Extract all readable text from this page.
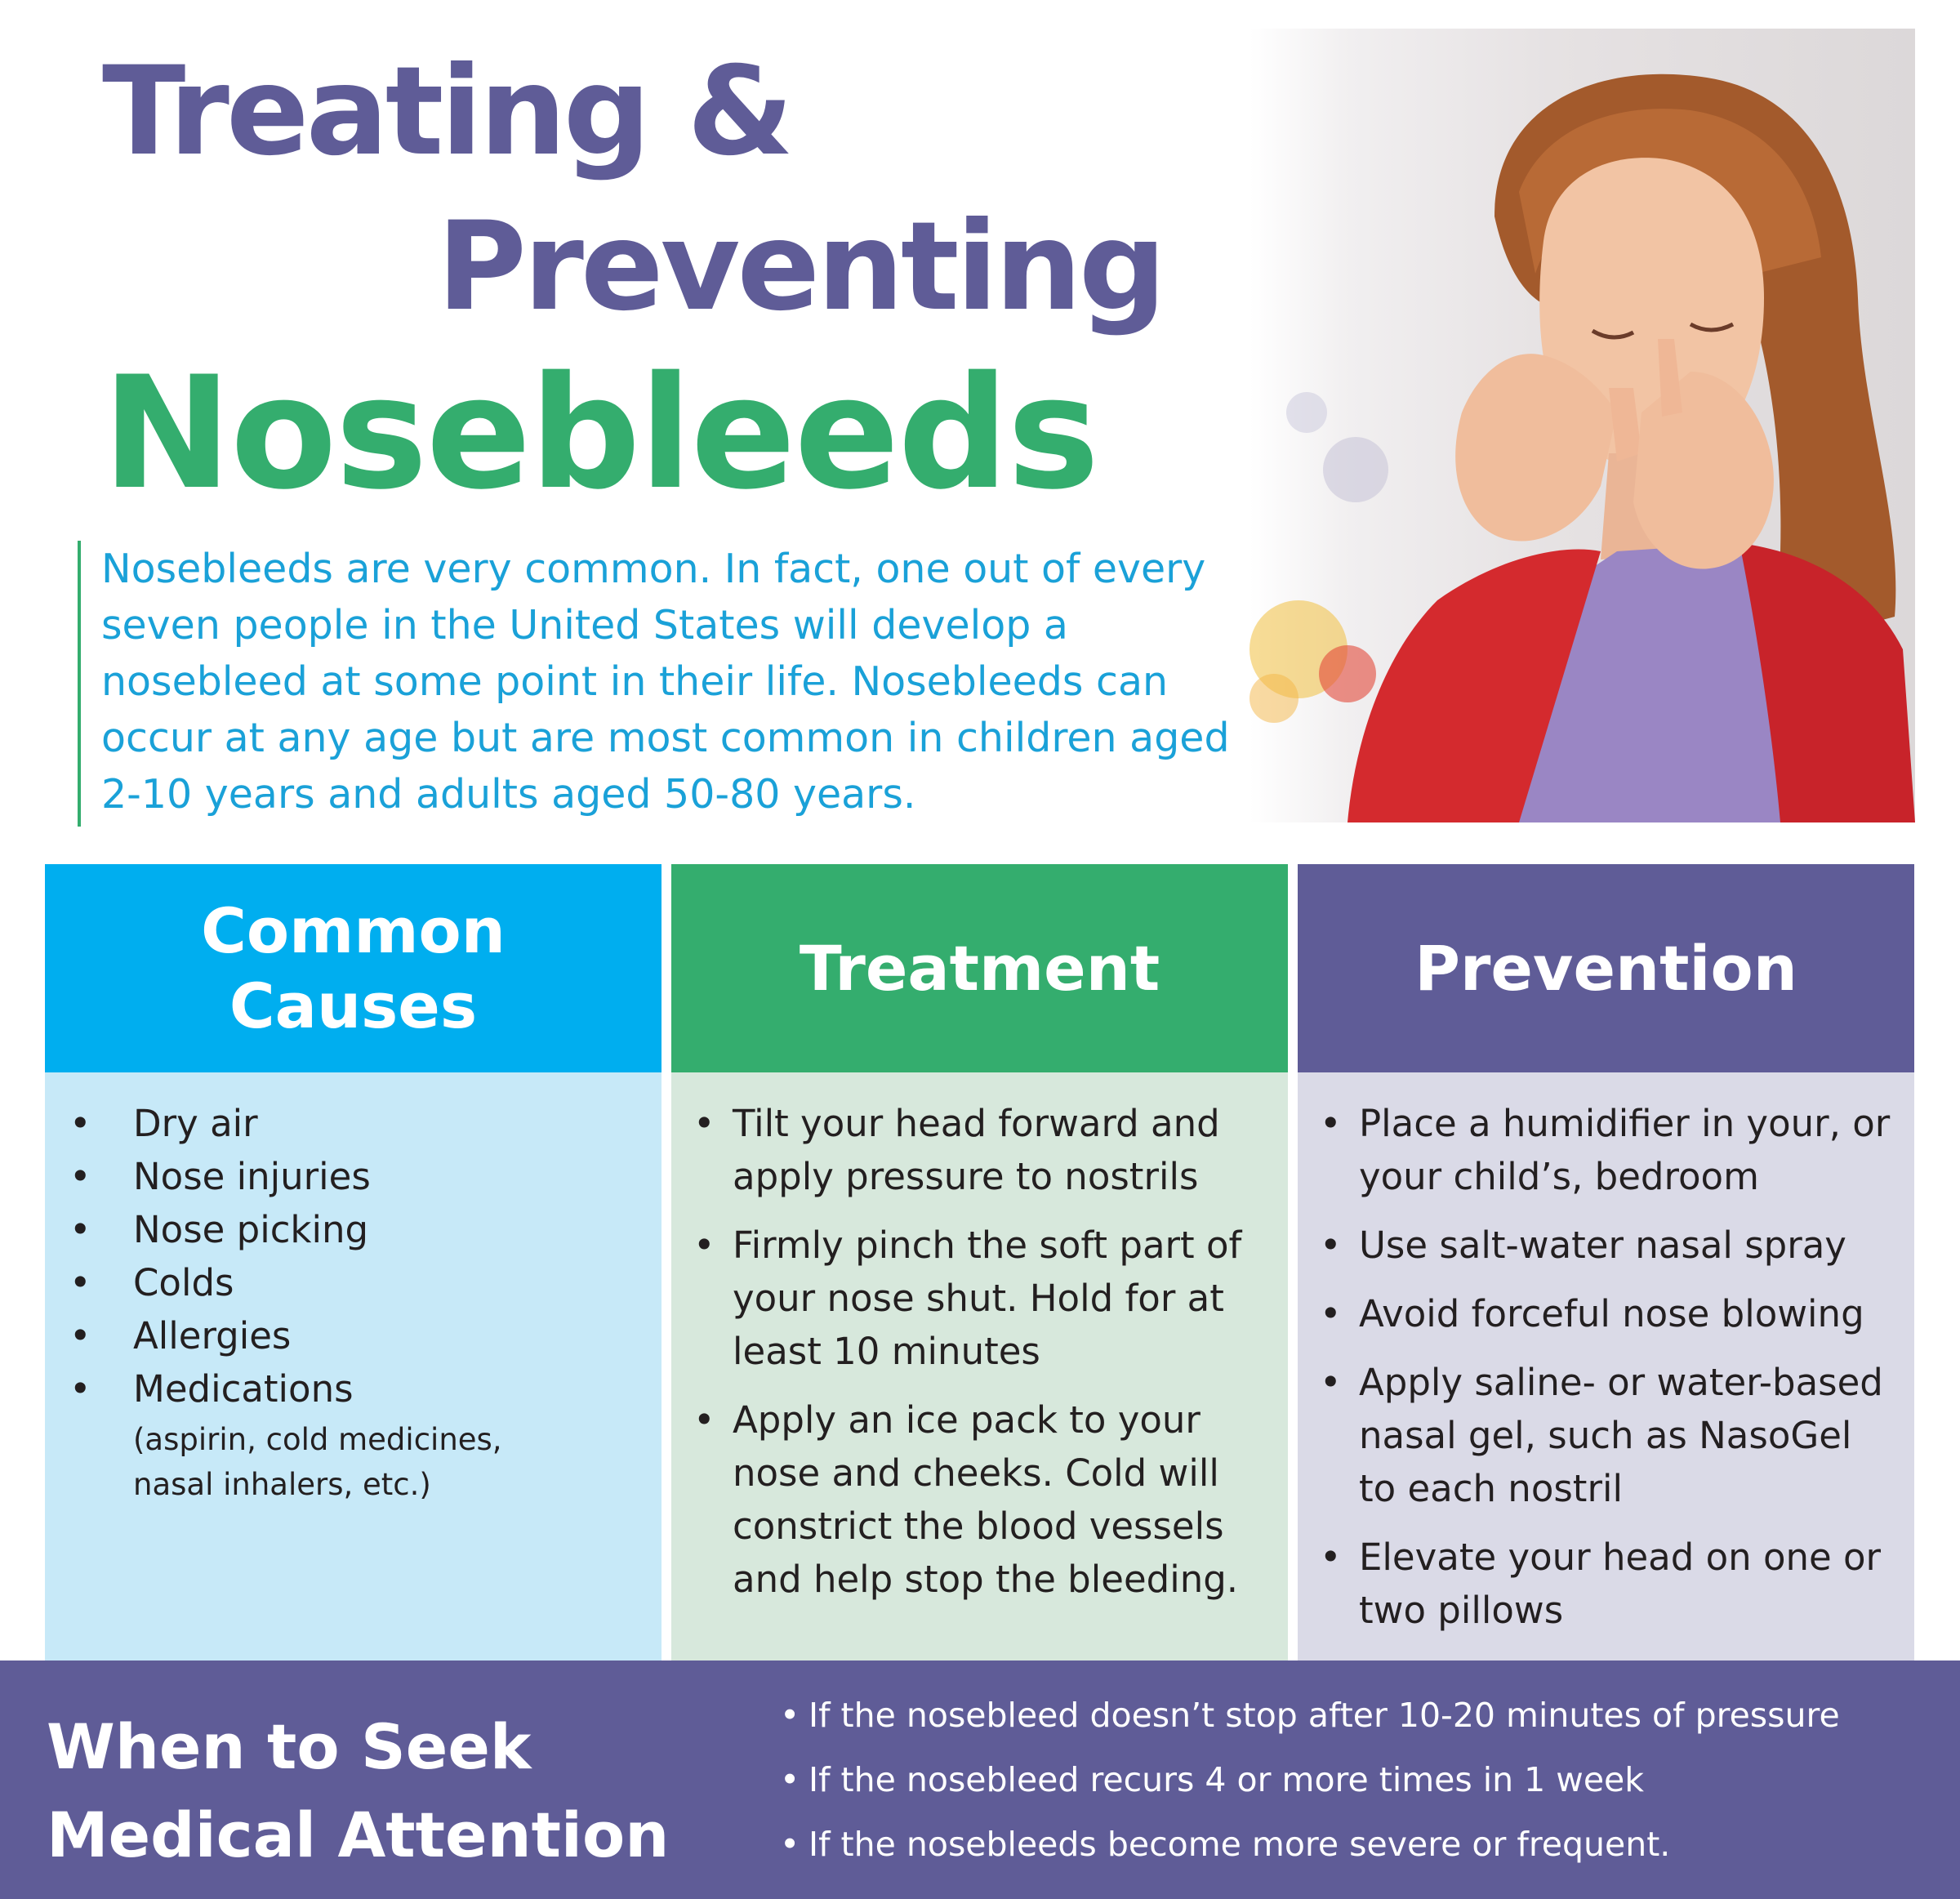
Treating &
Preventing
Nosebleeds

Nosebleeds are very common. In fact, one out of every seven people in the United States will develop a nosebleed at some point in their life. Nosebleeds can occur at any age but are most common in children aged 2-10 years and adults aged 50-80 years.

Common
Causes
• Dry air
• Nose injuries
• Nose picking
• Colds
• Allergies
• Medications
(aspirin, cold medicines,
nasal inhalers, etc.)
Treatment
• Tilt your head forward and apply pressure to nostrils
• Firmly pinch the soft part of your nose shut. Hold for at least 10 minutes
• Apply an ice pack to your nose and cheeks. Cold will constrict the blood vessels and help stop the bleeding.
Prevention
• Place a humidifier in your, or your child’s, bedroom
• Use salt-water nasal spray
• Avoid forceful nose blowing
• Apply saline- or water-based nasal gel, such as NasoGel to each nostril
• Elevate your head on one or two pillows
When to Seek
Medical Attention
• If the nosebleed doesn’t stop after 10-20 minutes of pressure
• If the nosebleed recurs 4 or more times in 1 week
• If the nosebleeds become more severe or frequent.
